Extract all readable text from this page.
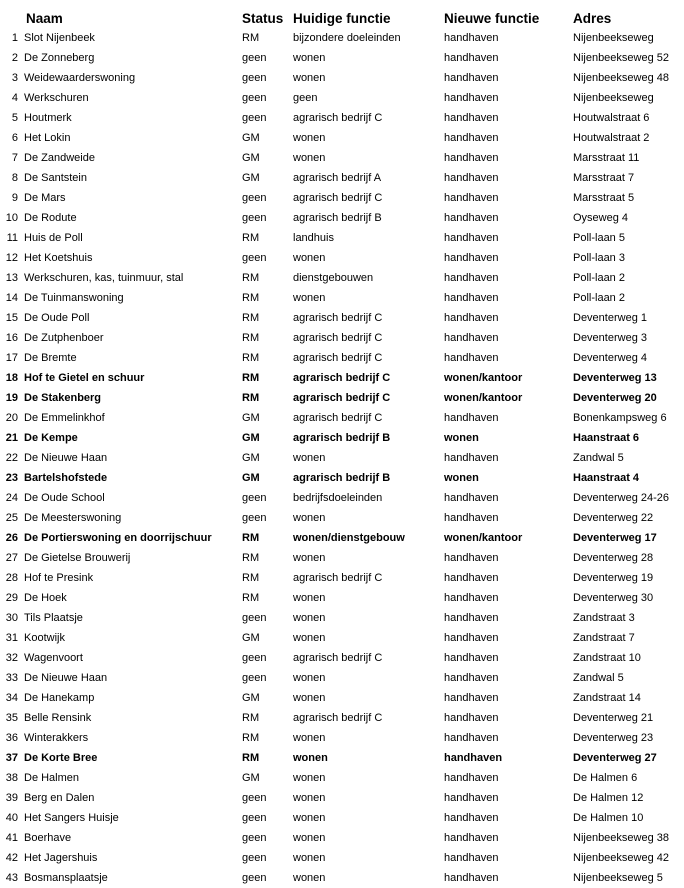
	Naam	Status	Huidige functie	Nieuwe functie	Adres
1	Slot Nijenbeek	RM	bijzondere doeleinden	handhaven	Nijenbeekseweg
2	De Zonneberg	geen	wonen	handhaven	Nijenbeekseweg 52
3	Weidewaarderswoning	geen	wonen	handhaven	Nijenbeekseweg 48
4	Werkschuren	geen	geen	handhaven	Nijenbeekseweg
5	Houtmerk	geen	agrarisch bedrijf C	handhaven	Houtwalstraat 6
6	Het Lokin	GM	wonen	handhaven	Houtwalstraat 2
7	De Zandweide	GM	wonen	handhaven	Marsstraat 11
8	De Santstein	GM	agrarisch bedrijf A	handhaven	Marsstraat 7
9	De Mars	geen	agrarisch bedrijf C	handhaven	Marsstraat 5
10	De Rodute	geen	agrarisch bedrijf B	handhaven	Oyseweg 4
11	Huis de Poll	RM	landhuis	handhaven	Poll-laan 5
12	Het Koetshuis	geen	wonen	handhaven	Poll-laan 3
13	Werkschuren, kas, tuinmuur, stal	RM	dienstgebouwen	handhaven	Poll-laan 2
14	De Tuinmanswoning	RM	wonen	handhaven	Poll-laan 2
15	De Oude Poll	RM	agrarisch bedrijf C	handhaven	Deventerweg 1
16	De Zutphenboer	RM	agrarisch bedrijf C	handhaven	Deventerweg 3
17	De Bremte	RM	agrarisch bedrijf C	handhaven	Deventerweg 4
18	Hof te Gietel en schuur	RM	agrarisch bedrijf C	wonen/kantoor	Deventerweg 13
19	De Stakenberg	RM	agrarisch bedrijf C	wonen/kantoor	Deventerweg 20
20	De Emmelinkhof	GM	agrarisch bedrijf C	handhaven	Bonenkampsweg 6
21	De Kempe	GM	agrarisch bedrijf B	wonen	Haanstraat 6
22	De Nieuwe Haan	GM	wonen	handhaven	Zandwal 5
23	Bartelshofstede	GM	agrarisch bedrijf B	wonen	Haanstraat 4
24	De Oude School	geen	bedrijfsdoeleinden	handhaven	Deventerweg 24-26
25	De Meesterswoning	geen	wonen	handhaven	Deventerweg 22
26	De Portierswoning en doorrijschuur	RM	wonen/dienstgebouw	wonen/kantoor	Deventerweg 17
27	De Gietelse Brouwerij	RM	wonen	handhaven	Deventerweg 28
28	Hof te Presink	RM	agrarisch bedrijf C	handhaven	Deventerweg 19
29	De Hoek	RM	wonen	handhaven	Deventerweg 30
30	Tils Plaatsje	geen	wonen	handhaven	Zandstraat 3
31	Kootwijk	GM	wonen	handhaven	Zandstraat 7
32	Wagenvoort	geen	agrarisch bedrijf C	handhaven	Zandstraat 10
33	De Nieuwe Haan	geen	wonen	handhaven	Zandwal 5
34	De Hanekamp	GM	wonen	handhaven	Zandstraat 14
35	Belle Rensink	RM	agrarisch bedrijf C	handhaven	Deventerweg 21
36	Winterakkers	RM	wonen	handhaven	Deventerweg 23
37	De Korte Bree	RM	wonen	handhaven	Deventerweg 27
38	De Halmen	GM	wonen	handhaven	De Halmen 6
39	Berg en Dalen	geen	wonen	handhaven	De Halmen 12
40	Het Sangers Huisje	geen	wonen	handhaven	De Halmen 10
41	Boerhave	geen	wonen	handhaven	Nijenbeekseweg 38
42	Het Jagershuis	geen	wonen	handhaven	Nijenbeekseweg 42
43	Bosmansplaatsje	geen	wonen	handhaven	Nijenbeekseweg 5
